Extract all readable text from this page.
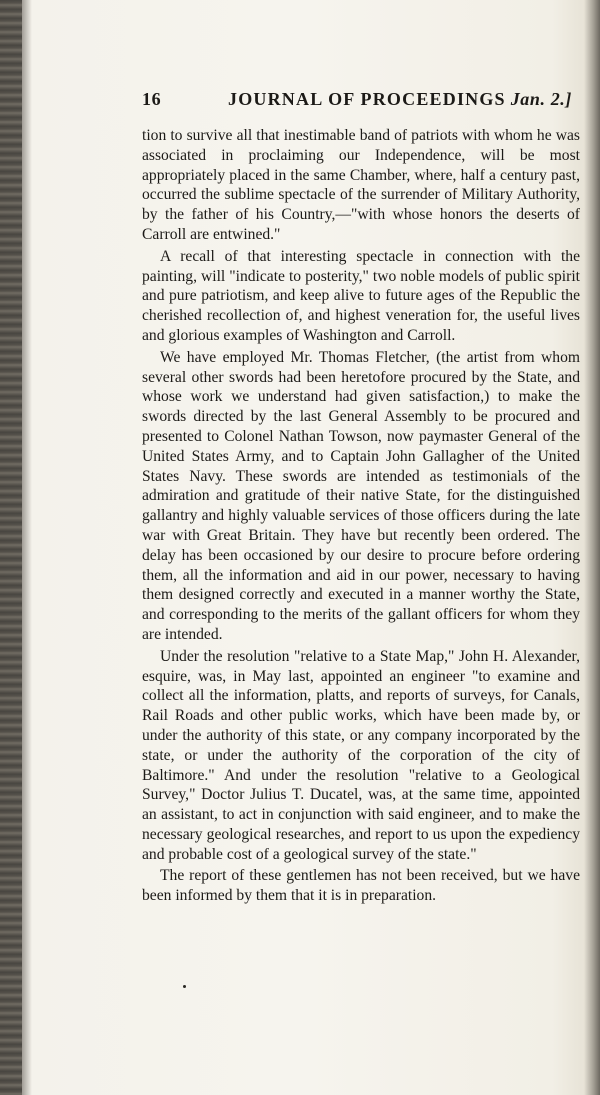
16	JOURNAL OF PROCEEDINGS Jan. 2.]

tion to survive all that inestimable band of patriots with whom he was associated in proclaiming our Independence, will be most appropriately placed in the same Chamber, where, half a century past, occurred the sublime spectacle of the surrender of Military Authority, by the father of his Country,—"with whose honors the deserts of Carroll are entwined."

A recall of that interesting spectacle in connection with the painting, will "indicate to posterity," two noble models of public spirit and pure patriotism, and keep alive to future ages of the Republic the cherished recollection of, and highest veneration for, the useful lives and glorious examples of Washington and Carroll.

We have employed Mr. Thomas Fletcher, (the artist from whom several other swords had been heretofore procured by the State, and whose work we understand had given satisfaction,) to make the swords directed by the last General Assembly to be procured and presented to Colonel Nathan Towson, now paymaster General of the United States Army, and to Captain John Gallagher of the United States Navy. These swords are intended as testimonials of the admiration and gratitude of their native State, for the distinguished gallantry and highly valuable services of those officers during the late war with Great Britain. They have but recently been ordered. The delay has been occasioned by our desire to procure before ordering them, all the information and aid in our power, necessary to having them designed correctly and executed in a manner worthy the State, and corresponding to the merits of the gallant officers for whom they are intended.

Under the resolution "relative to a State Map," John H. Alexander, esquire, was, in May last, appointed an engineer "to examine and collect all the information, platts, and reports of surveys, for Canals, Rail Roads and other public works, which have been made by, or under the authority of this state, or any company incorporated by the state, or under the authority of the corporation of the city of Baltimore." And under the resolution "relative to a Geological Survey," Doctor Julius T. Ducatel, was, at the same time, appointed an assistant, to act in conjunction with said engineer, and to make the necessary geological researches, and report to us upon the expediency and probable cost of a geological survey of the state."

The report of these gentlemen has not been received, but we have been informed by them that it is in preparation.
